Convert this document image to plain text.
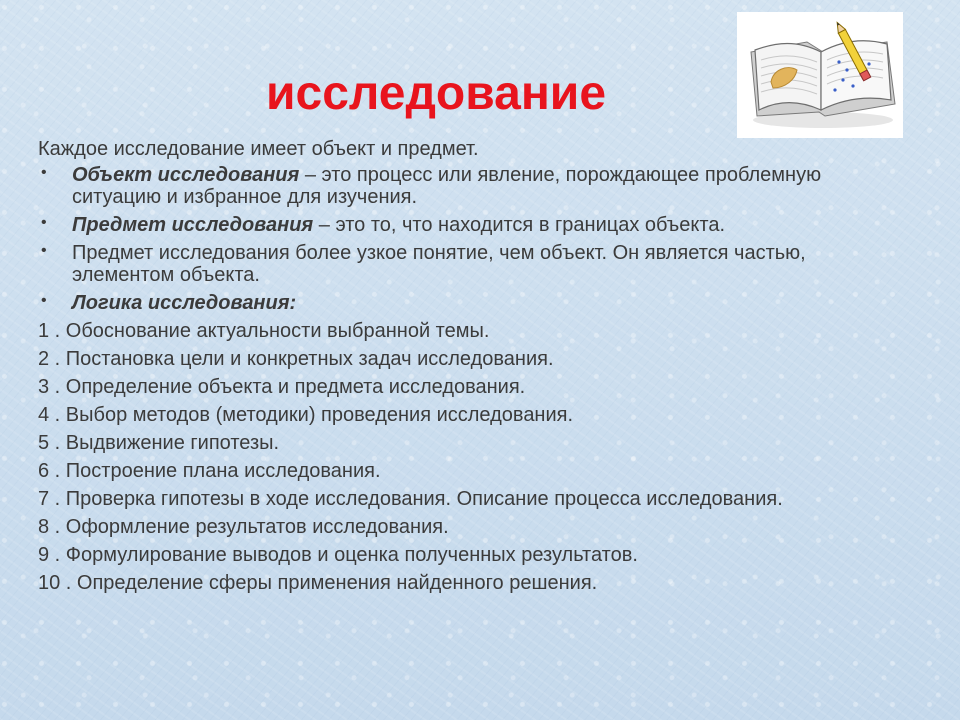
исследование

Каждое исследование имеет объект и предмет.

• Объект исследования – это процесс или явление, порождающее проблемную ситуацию и избранное для изучения.
• Предмет исследования – это то, что находится в границах объекта.
• Предмет исследования более узкое понятие, чем объект. Он является частью, элементом объекта.
• Логика исследования:
1 . Обоснование актуальности выбранной темы.
2 . Постановка цели и конкретных задач исследования.
3 . Определение объекта и предмета исследования.
4 . Выбор методов (методики) проведения исследования.
5 . Выдвижение гипотезы.
6 . Построение плана исследования.
7 . Проверка гипотезы в ходе исследования. Описание процесса исследования.
8 . Оформление результатов исследования.
9 . Формулирование выводов и оценка полученных результатов.
10 . Определение сферы применения найденного решения.
